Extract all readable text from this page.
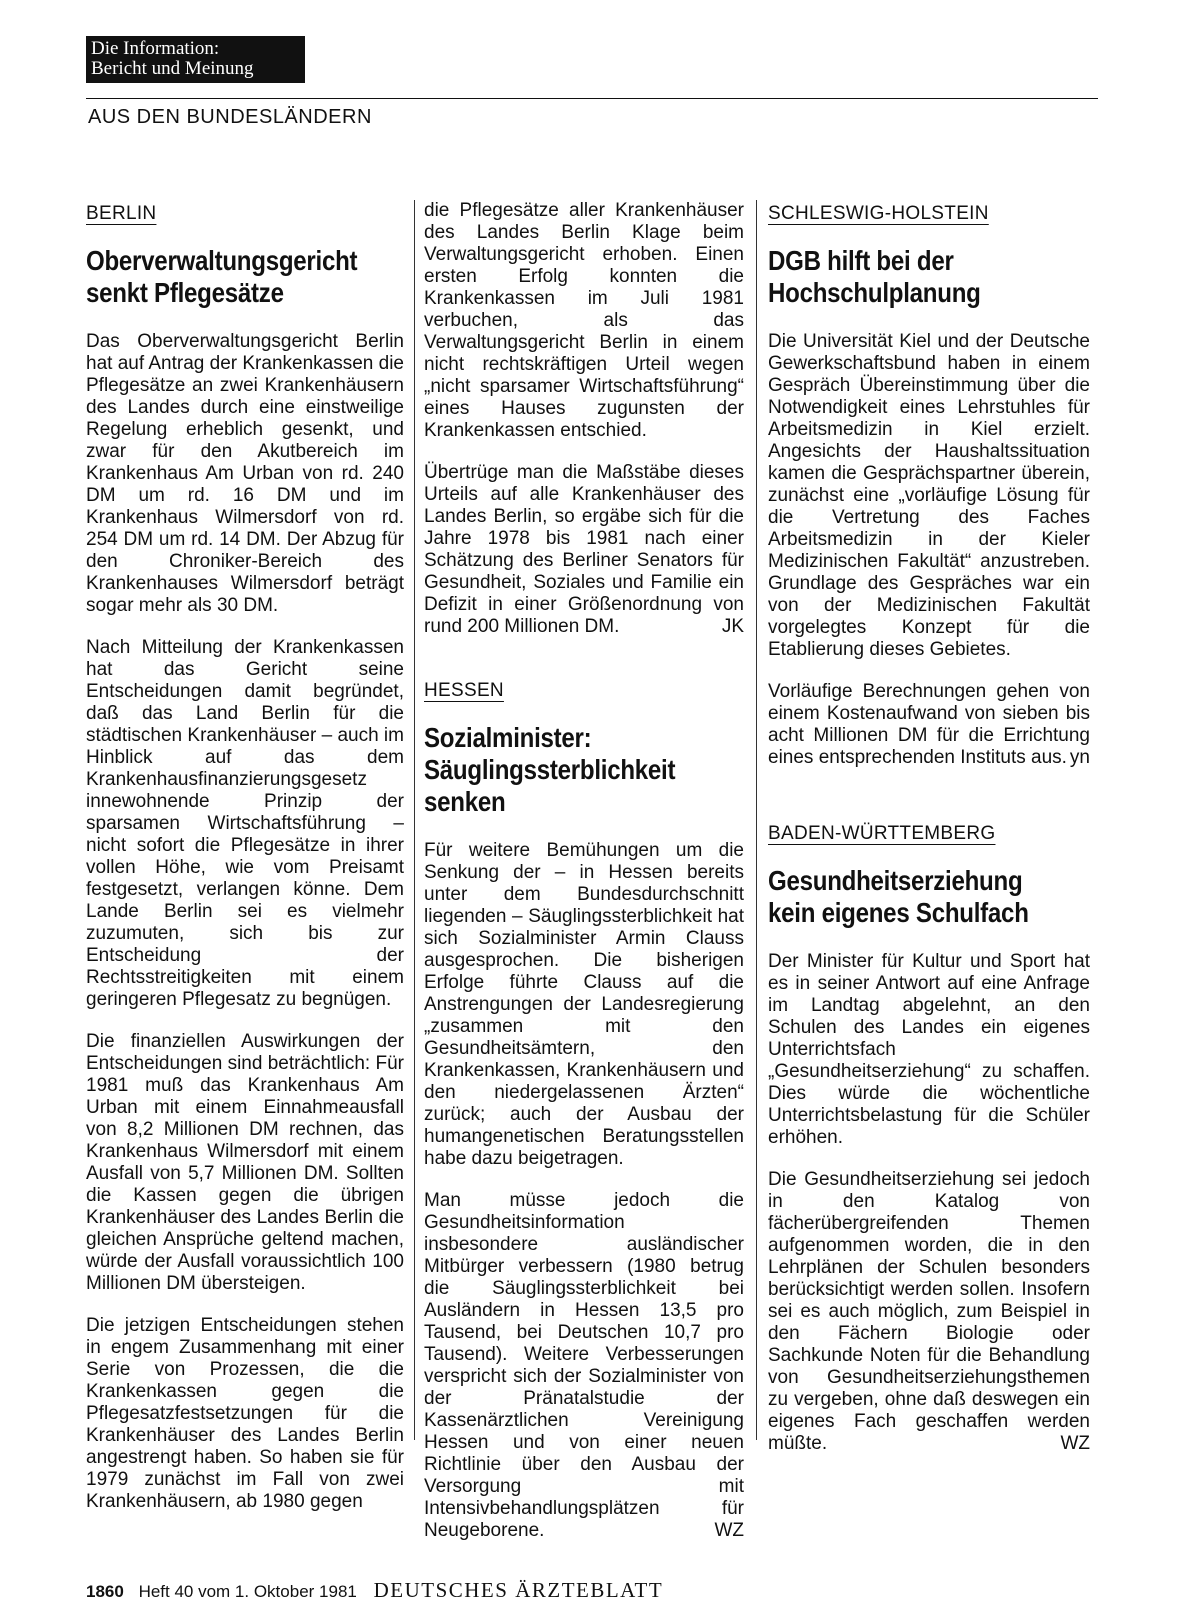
Die Information:
Bericht und Meinung
AUS DEN BUNDESLÄNDERN
BERLIN
Oberverwaltungsgericht senkt Pflegesätze

Das Oberverwaltungsgericht Berlin hat auf Antrag der Krankenkassen die Pflegesätze an zwei Krankenhäusern des Landes durch eine einstweilige Regelung erheblich gesenkt, und zwar für den Akutbereich im Krankenhaus Am Urban von rd. 240 DM um rd. 16 DM und im Krankenhaus Wilmersdorf von rd. 254 DM um rd. 14 DM. Der Abzug für den Chroniker-Bereich des Krankenhauses Wilmersdorf beträgt sogar mehr als 30 DM.

Nach Mitteilung der Krankenkassen hat das Gericht seine Entscheidungen damit begründet, daß das Land Berlin für die städtischen Krankenhäuser – auch im Hinblick auf das dem Krankenhausfinanzierungsgesetz innewohnende Prinzip der sparsamen Wirtschaftsführung – nicht sofort die Pflegesätze in ihrer vollen Höhe, wie vom Preisamt festgesetzt, verlangen könne. Dem Lande Berlin sei es vielmehr zuzumuten, sich bis zur Entscheidung der Rechtsstreitigkeiten mit einem geringeren Pflegesatz zu begnügen.

Die finanziellen Auswirkungen der Entscheidungen sind beträchtlich: Für 1981 muß das Krankenhaus Am Urban mit einem Einnahmeausfall von 8,2 Millionen DM rechnen, das Krankenhaus Wilmersdorf mit einem Ausfall von 5,7 Millionen DM. Sollten die Kassen gegen die übrigen Krankenhäuser des Landes Berlin die gleichen Ansprüche geltend machen, würde der Ausfall voraussichtlich 100 Millionen DM übersteigen.

Die jetzigen Entscheidungen stehen in engem Zusammenhang mit einer Serie von Prozessen, die die Krankenkassen gegen die Pflegesatzfestsetzungen für die Krankenhäuser des Landes Berlin angestrengt haben. So haben sie für 1979 zunächst im Fall von zwei Krankenhäusern, ab 1980 gegen

die Pflegesätze aller Krankenhäuser des Landes Berlin Klage beim Verwaltungsgericht erhoben. Einen ersten Erfolg konnten die Krankenkassen im Juli 1981 verbuchen, als das Verwaltungsgericht Berlin in einem nicht rechtskräftigen Urteil wegen „nicht sparsamer Wirtschaftsführung“ eines Hauses zugunsten der Krankenkassen entschied.

Übertrüge man die Maßstäbe dieses Urteils auf alle Krankenhäuser des Landes Berlin, so ergäbe sich für die Jahre 1978 bis 1981 nach einer Schätzung des Berliner Senators für Gesundheit, Soziales und Familie ein Defizit in einer Größenordnung von rund 200 Millionen DM.	JK

HESSEN
Sozialminister: Säuglingssterblichkeit senken

Für weitere Bemühungen um die Senkung der – in Hessen bereits unter dem Bundesdurchschnitt liegenden – Säuglingssterblichkeit hat sich Sozialminister Armin Clauss ausgesprochen. Die bisherigen Erfolge führte Clauss auf die Anstrengungen der Landesregierung „zusammen mit den Gesundheitsämtern, den Krankenkassen, Krankenhäusern und den niedergelassenen Ärzten“ zurück; auch der Ausbau der humangenetischen Beratungsstellen habe dazu beigetragen.

Man müsse jedoch die Gesundheitsinformation insbesondere ausländischer Mitbürger verbessern (1980 betrug die Säuglingssterblichkeit bei Ausländern in Hessen 13,5 pro Tausend, bei Deutschen 10,7 pro Tausend). Weitere Verbesserungen verspricht sich der Sozialminister von der Pränatalstudie der Kassenärztlichen Vereinigung Hessen und von einer neuen Richtlinie über den Ausbau der Versorgung mit Intensivbehandlungsplätzen für Neugeborene.	WZ

SCHLESWIG-HOLSTEIN
DGB hilft bei der Hochschulplanung

Die Universität Kiel und der Deutsche Gewerkschaftsbund haben in einem Gespräch Übereinstimmung über die Notwendigkeit eines Lehrstuhles für Arbeitsmedizin in Kiel erzielt. Angesichts der Haushaltssituation kamen die Gesprächspartner überein, zunächst eine „vorläufige Lösung für die Vertretung des Faches Arbeitsmedizin in der Kieler Medizinischen Fakultät“ anzustreben. Grundlage des Gespräches war ein von der Medizinischen Fakultät vorgelegtes Konzept für die Etablierung dieses Gebietes.

Vorläufige Berechnungen gehen von einem Kostenaufwand von sieben bis acht Millionen DM für die Errichtung eines entsprechenden Instituts aus. yn

BADEN-WÜRTTEMBERG
Gesundheitserziehung kein eigenes Schulfach

Der Minister für Kultur und Sport hat es in seiner Antwort auf eine Anfrage im Landtag abgelehnt, an den Schulen des Landes ein eigenes Unterrichtsfach „Gesundheitserziehung“ zu schaffen. Dies würde die wöchentliche Unterrichtsbelastung für die Schüler erhöhen.

Die Gesundheitserziehung sei jedoch in den Katalog von fächerübergreifenden Themen aufgenommen worden, die in den Lehrplänen der Schulen besonders berücksichtigt werden sollen. Insofern sei es auch möglich, zum Beispiel in den Fächern Biologie oder Sachkunde Noten für die Behandlung von Gesundheitserziehungsthemen zu vergeben, ohne daß deswegen ein eigenes Fach geschaffen werden müßte.	WZ

1860 Heft 40 vom 1. Oktober 1981 DEUTSCHES ÄRZTEBLATT
